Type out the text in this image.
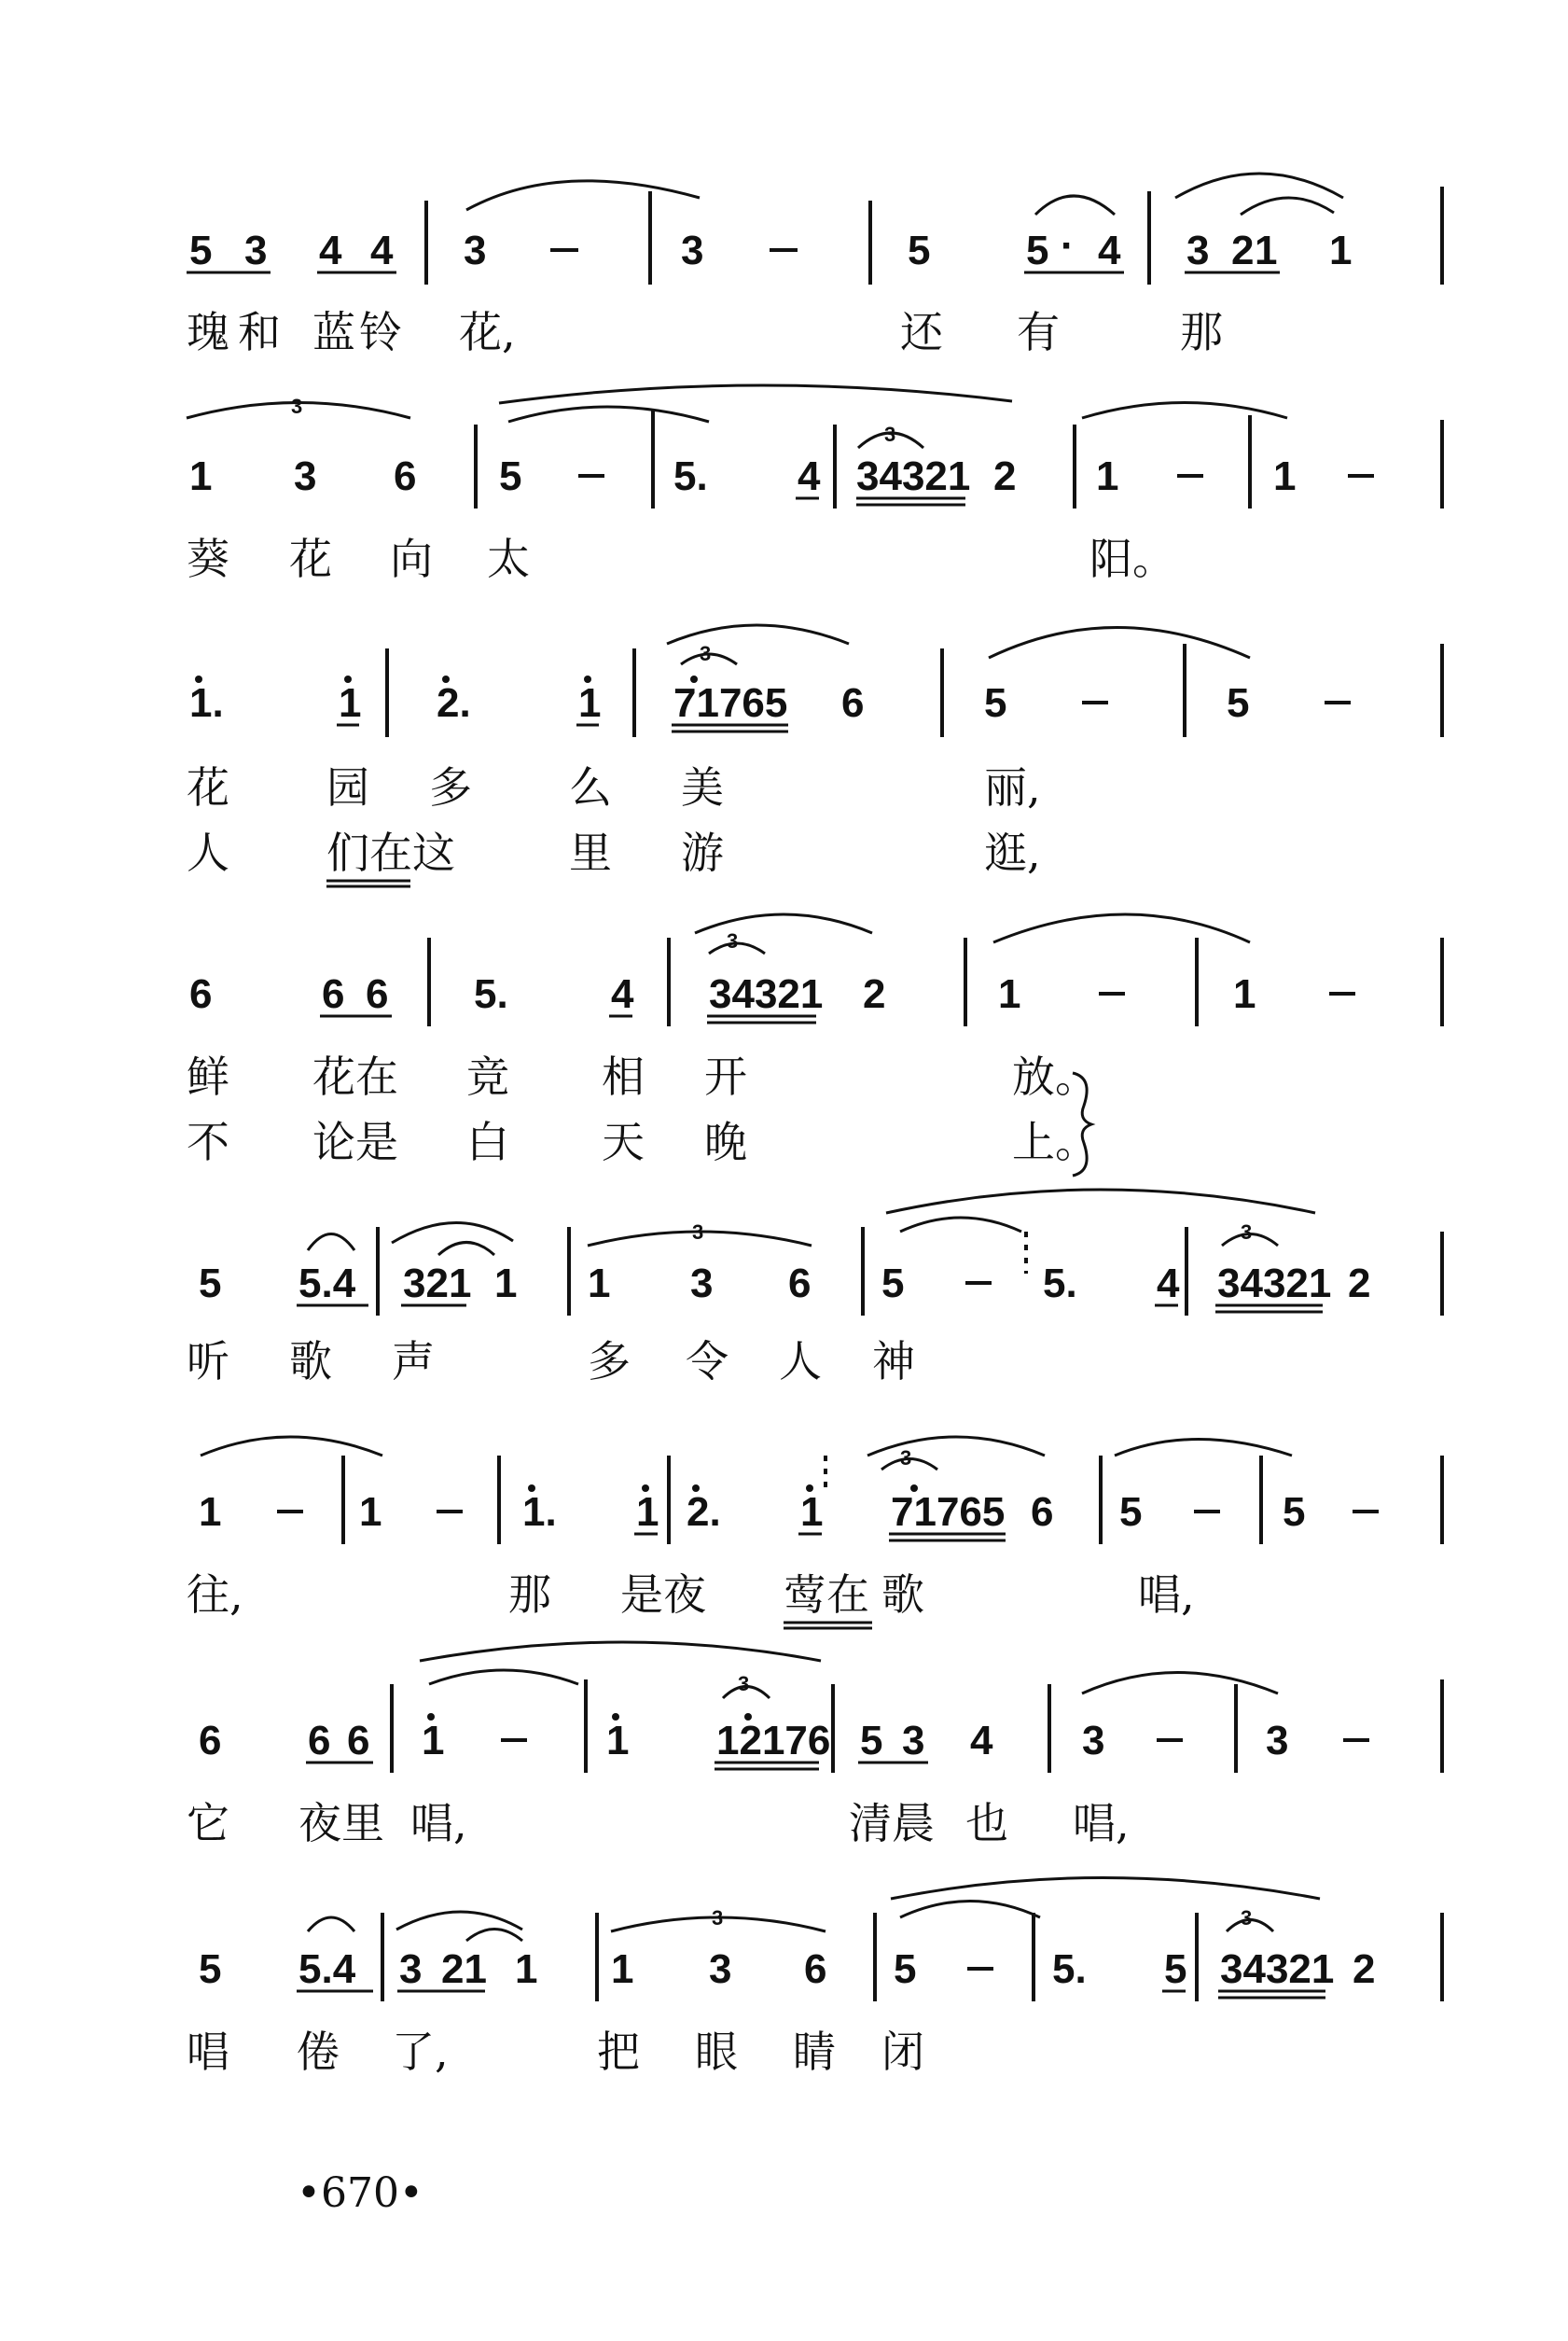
5 3 4 4 3	3	5 5 · 4 3 2 1 1
瑰 和 蓝 铃 花,	还 有	那
3
1 3 6 5	5. 4
3
34321 2 1	1
葵 花 向 太	阳。
1.	1 2.	1
3
71765 6	5	5
花 园 多 么 美	丽,
人 们在这	里 游	逛,
6	6 6 5.	4
3
34321 2	1	1
鲜 花在 竞 相 开	放。
不 论是 白 天 晚	上。
5 5.4 321 1
3
1 3 6 5	5. 4
3
34321 2
听 歌 声	多 令 人 神
1	1	1. 1 2. 1
3
71765 6 5	5
往,	那 是夜 莺在 歌	唱,
6 6 6 1	1
3
12176 5 3 4 3	3
它 夜里 唱,	清晨 也 唱,
5 5.4 3 21 1
3
1 3 6 5	5. 5
3
34321 2
唱 倦 了,	把 眼 睛 闭
•670•
